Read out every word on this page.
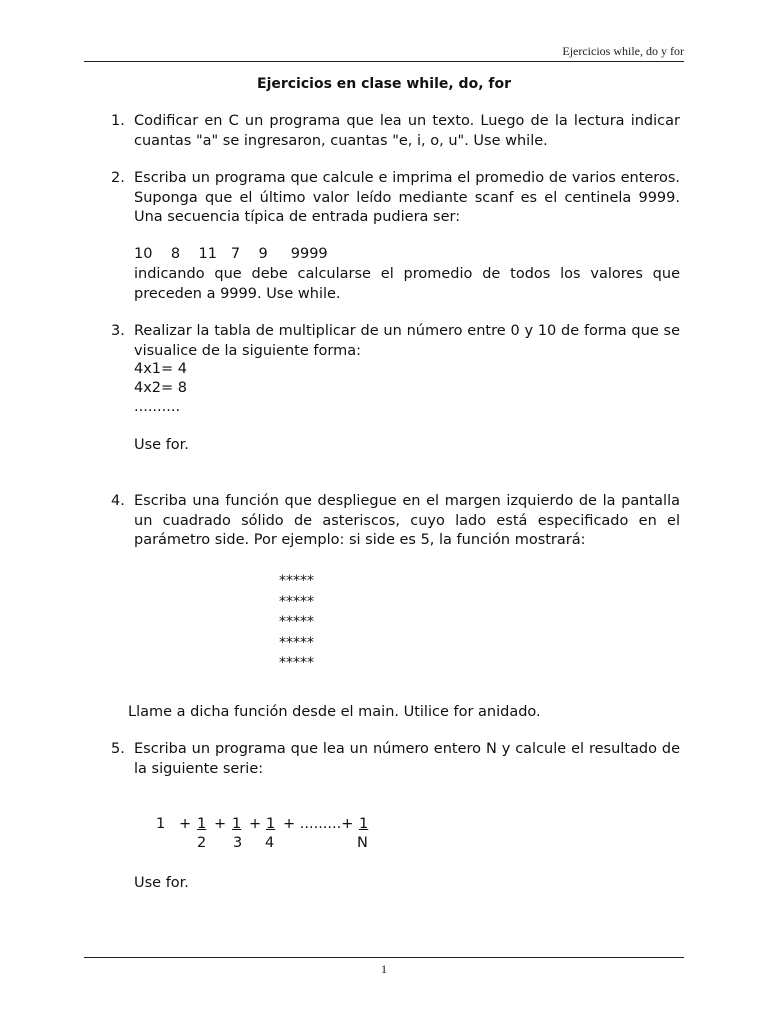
Ejercicios while, do y for
Ejercicios en clase while, do, for
1. Codificar en C un programa que lea un texto. Luego de la lectura indicar cuantas "a" se ingresaron, cuantas "e, i, o, u". Use while.

2. Escriba un programa que calcule e imprima el promedio de varios enteros. Suponga que el último valor leído mediante scanf es el centinela 9999. Una secuencia típica de entrada pudiera ser:

10    8    11   7    9     9999

indicando que debe calcularse el promedio de todos los valores que preceden a 9999. Use while.

3. Realizar la tabla de multiplicar de un número entre 0 y 10 de forma que se visualice de la siguiente forma:

4x1= 4
4x2= 8
..........
Use for.
4. Escriba una función que despliegue en el margen izquierdo de la pantalla un cuadrado sólido de asteriscos, cuyo lado está especificado en el parámetro side. Por ejemplo: si side es 5, la función mostrará:

*****
*****
*****
*****
*****
Llame a dicha función desde el main. Utilice for anidado.
5. Escriba un programa que lea un número entero N y calcule el resultado de la siguiente serie:

1 + 1
2
+ 1
3
+ 1
4
+ .........+ 1
N
Use for.
1
